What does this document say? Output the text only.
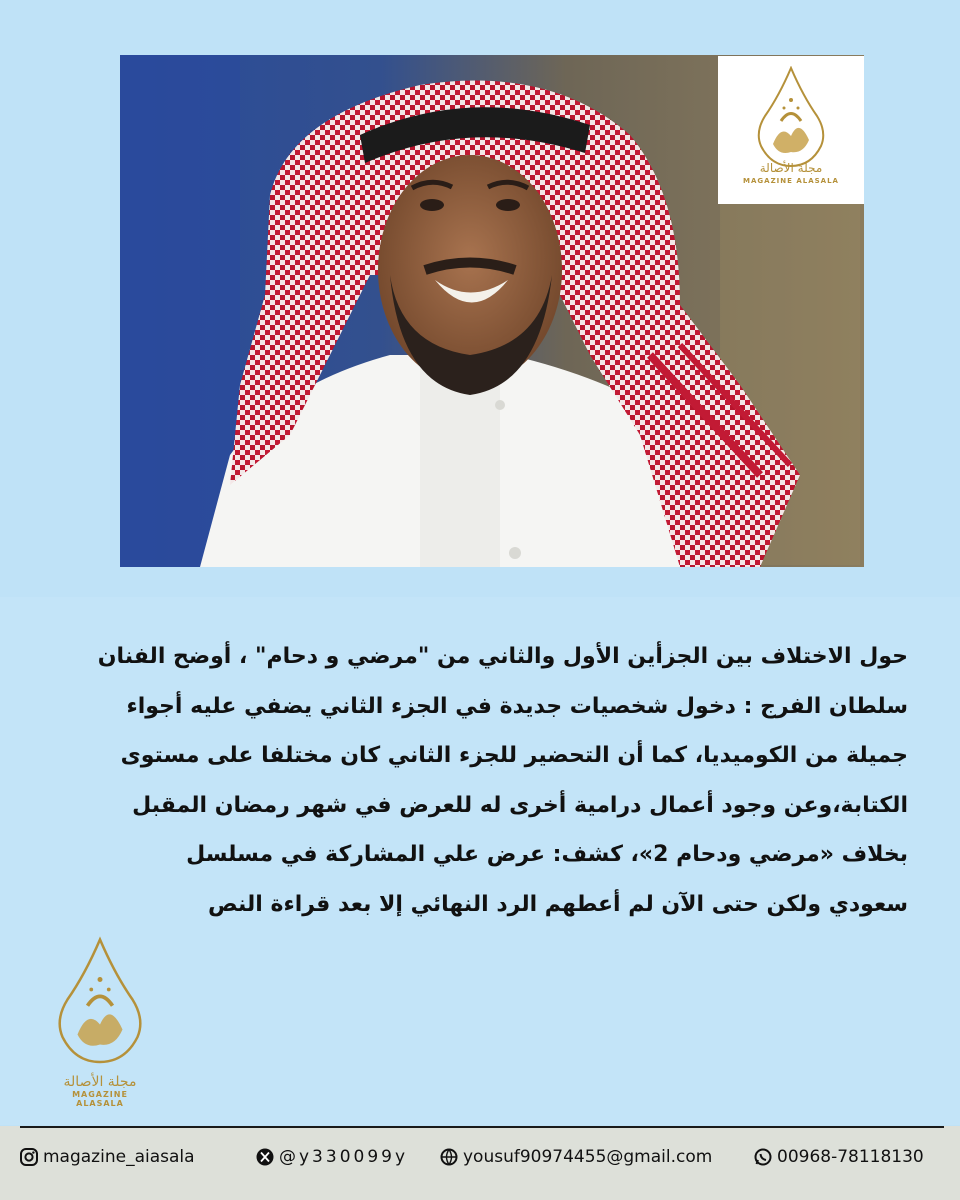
مجلة الأصالة
MAGAZINE ALASALA
حول الاختلاف بين الجزأين الأول والثاني من "مرضي و دحام" ، أوضح الفنان
سلطان الفرج : دخول شخصيات جديدة في الجزء الثاني يضفي عليه أجواء
جميلة من الكوميديا، كما أن التحضير للجزء الثاني كان مختلفا على مستوى
الكتابة،وعن وجود أعمال درامية أخرى له للعرض في شهر رمضان المقبل
بخلاف «مرضي ودحام 2»، كشف: عرض علي المشاركة في مسلسل
سعودي ولكن حتى الآن لم أعطهم الرد النهائي إلا بعد قراءة النص
مجلة الأصالة
MAGAZINE ALASALA
magazine_aiasala	@y330099y	yousuf90974455@gmail.com	00968-78118130
